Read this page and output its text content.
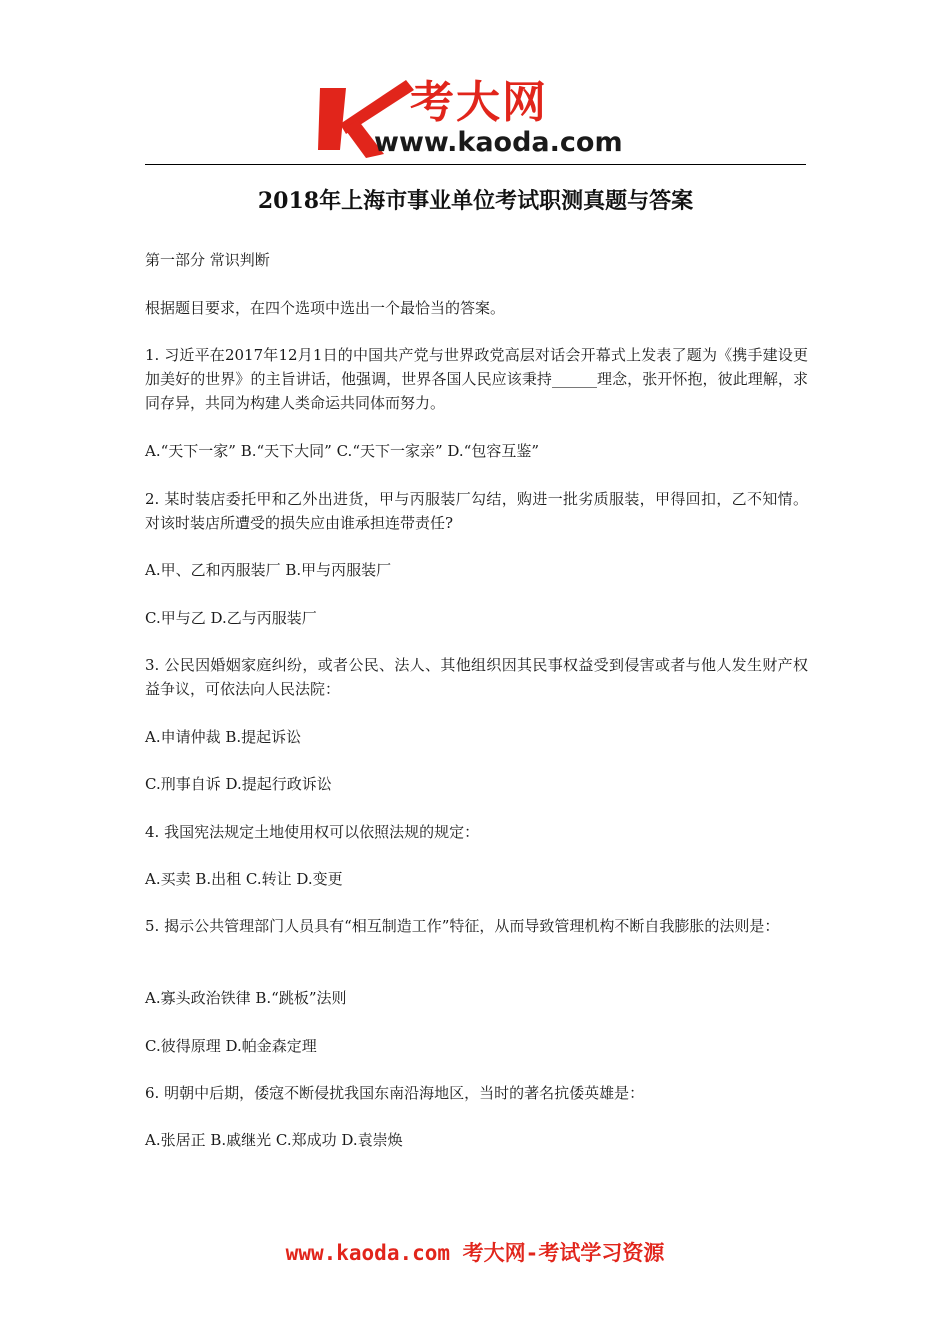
考大网
www.kaoda.com
2018年上海市事业单位考试职测真题与答案

第一部分 常识判断

根据题目要求，在四个选项中选出一个最恰当的答案。

1. 习近平在2017年12月1日的中国共产党与世界政党高层对话会开幕式上发表了题为《携手建设更加美好的世界》的主旨讲话，他强调，世界各国人民应该秉持______理念，张开怀抱，彼此理解，求同存异，共同为构建人类命运共同体而努力。

A.“天下一家” B.“天下大同” C.“天下一家亲” D.“包容互鉴”

2. 某时装店委托甲和乙外出进货，甲与丙服装厂勾结，购进一批劣质服装，甲得回扣，乙不知情。对该时装店所遭受的损失应由谁承担连带责任?

A.甲、乙和丙服装厂 B.甲与丙服装厂

C.甲与乙 D.乙与丙服装厂

3. 公民因婚姻家庭纠纷，或者公民、法人、其他组织因其民事权益受到侵害或者与他人发生财产权益争议，可依法向人民法院：

A.申请仲裁 B.提起诉讼

C.刑事自诉 D.提起行政诉讼

4. 我国宪法规定土地使用权可以依照法规的规定：

A.买卖 B.出租 C.转让 D.变更

5. 揭示公共管理部门人员具有“相互制造工作”特征，从而导致管理机构不断自我膨胀的法则是：

A.寡头政治铁律 B.“跳板”法则

C.彼得原理 D.帕金森定理

6. 明朝中后期，倭寇不断侵扰我国东南沿海地区，当时的著名抗倭英雄是：

A.张居正 B.戚继光 C.郑成功 D.袁崇焕

www.kaoda.com 考大网-考试学习资源
